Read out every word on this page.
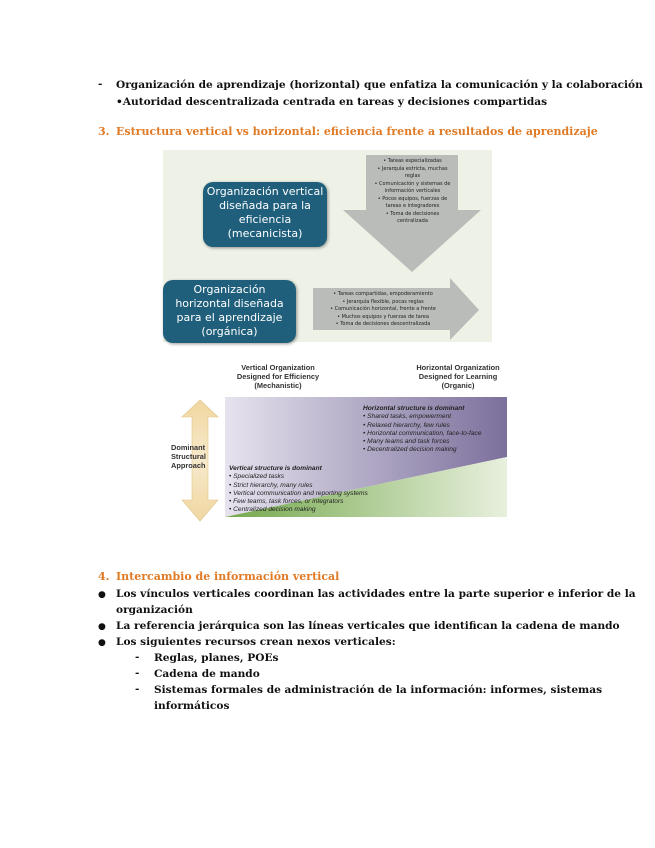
- Organización de aprendizaje (horizontal) que enfatiza la comunicación y la colaboración
•Autoridad descentralizada centrada en tareas y decisiones compartidas
3. Estructura vertical vs horizontal: eficiencia frente a resultados de aprendizaje
• Tareas especializadas
• Jerarquía estricta, muchas
reglas
• Comunicación y sistemas de
información verticales
• Pocos equipos, fuerzas de
tareas e integradores
• Toma de decisiones
centralizada
Organización vertical
diseñada para la
eficiencia
(mecanicista)
• Tareas compartidas, empoderamiento
• Jerarquía flexible, pocas reglas
• Comunicación horizontal, frente a frente
• Muchos equipos y fuerzas de tarea
• Toma de decisiones descentralizada
Organización
horizontal diseñada
para el aprendizaje
(orgánica)
Vertical Organization
Designed for Efficiency
(Mechanistic)
Horizontal Organization
Designed for Learning
(Organic)
Dominant
Structural
Approach
Horizontal structure is dominant
• Shared tasks, empowerment
• Relaxed hierarchy, few rules
• Horizontal communication, face-to-face
• Many teams and task forces
• Decentralized decision making
Vertical structure is dominant
• Specialized tasks
• Strict hierarchy, many rules
• Vertical communication and reporting systems
• Few teams, task forces, or integrators
• Centralized decision making
4. Intercambio de información vertical
● Los vínculos verticales coordinan las actividades entre la parte superior e inferior de la
organización
● La referencia jerárquica son las líneas verticales que identifican la cadena de mando
● Los siguientes recursos crean nexos verticales:
- Reglas, planes, POEs
- Cadena de mando
- Sistemas formales de administración de la información: informes, sistemas
informáticos
